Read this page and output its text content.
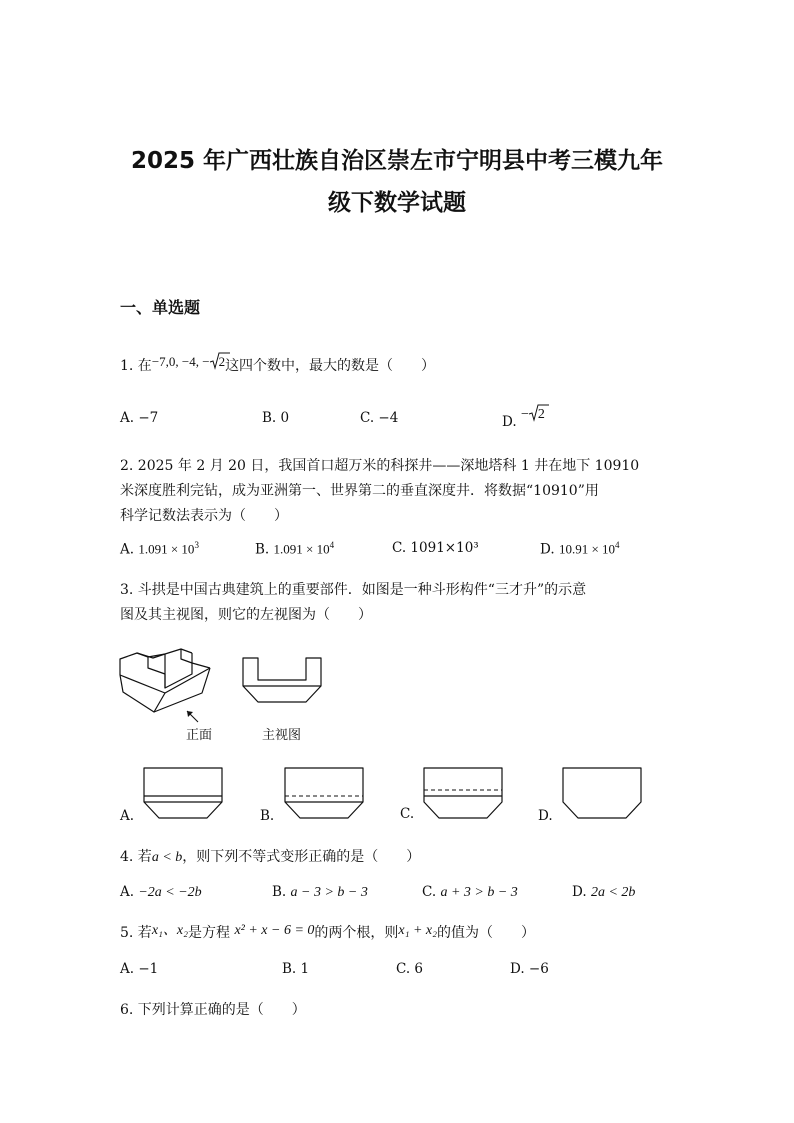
2025 年广西壮族自治区崇左市宁明县中考三模九年
级下数学试题
一、单选题
1. 在−7,0, −4, − 2这四个数中，最大的数是（　　）
A. −7	B. 0	C. −4	D. − 2
2. 2025 年 2 月 20 日，我国首口超万米的科探井——深地塔科 1 井在地下 10910
米深度胜利完钻，成为亚洲第一、世界第二的垂直深度井．将数据“10910”用
科学记数法表示为（　　）
A. $1.091 \times 10^3$	B. $1.091 \times 10^4$	C. 1091×10³	D. $10.91 \times 10^4$
3. 斗拱是中国古典建筑上的重要部件．如图是一种斗形构件“三才升”的示意
图及其主视图，则它的左视图为（　　）
正面	主视图
A.	B.	C.	D.
4. 若a < b，则下列不等式变形正确的是（　　）
A. −2a < −2b	B. a − 3 > b − 3	C. a + 3 > b − 3	D. 2a < 2b
5. 若x₁、x₂是方程 x² + x − 6 = 0的两个根，则x₁ + x₂的值为（　　）
A. −1	B. 1	C. 6	D. −6
6. 下列计算正确的是（　　）
